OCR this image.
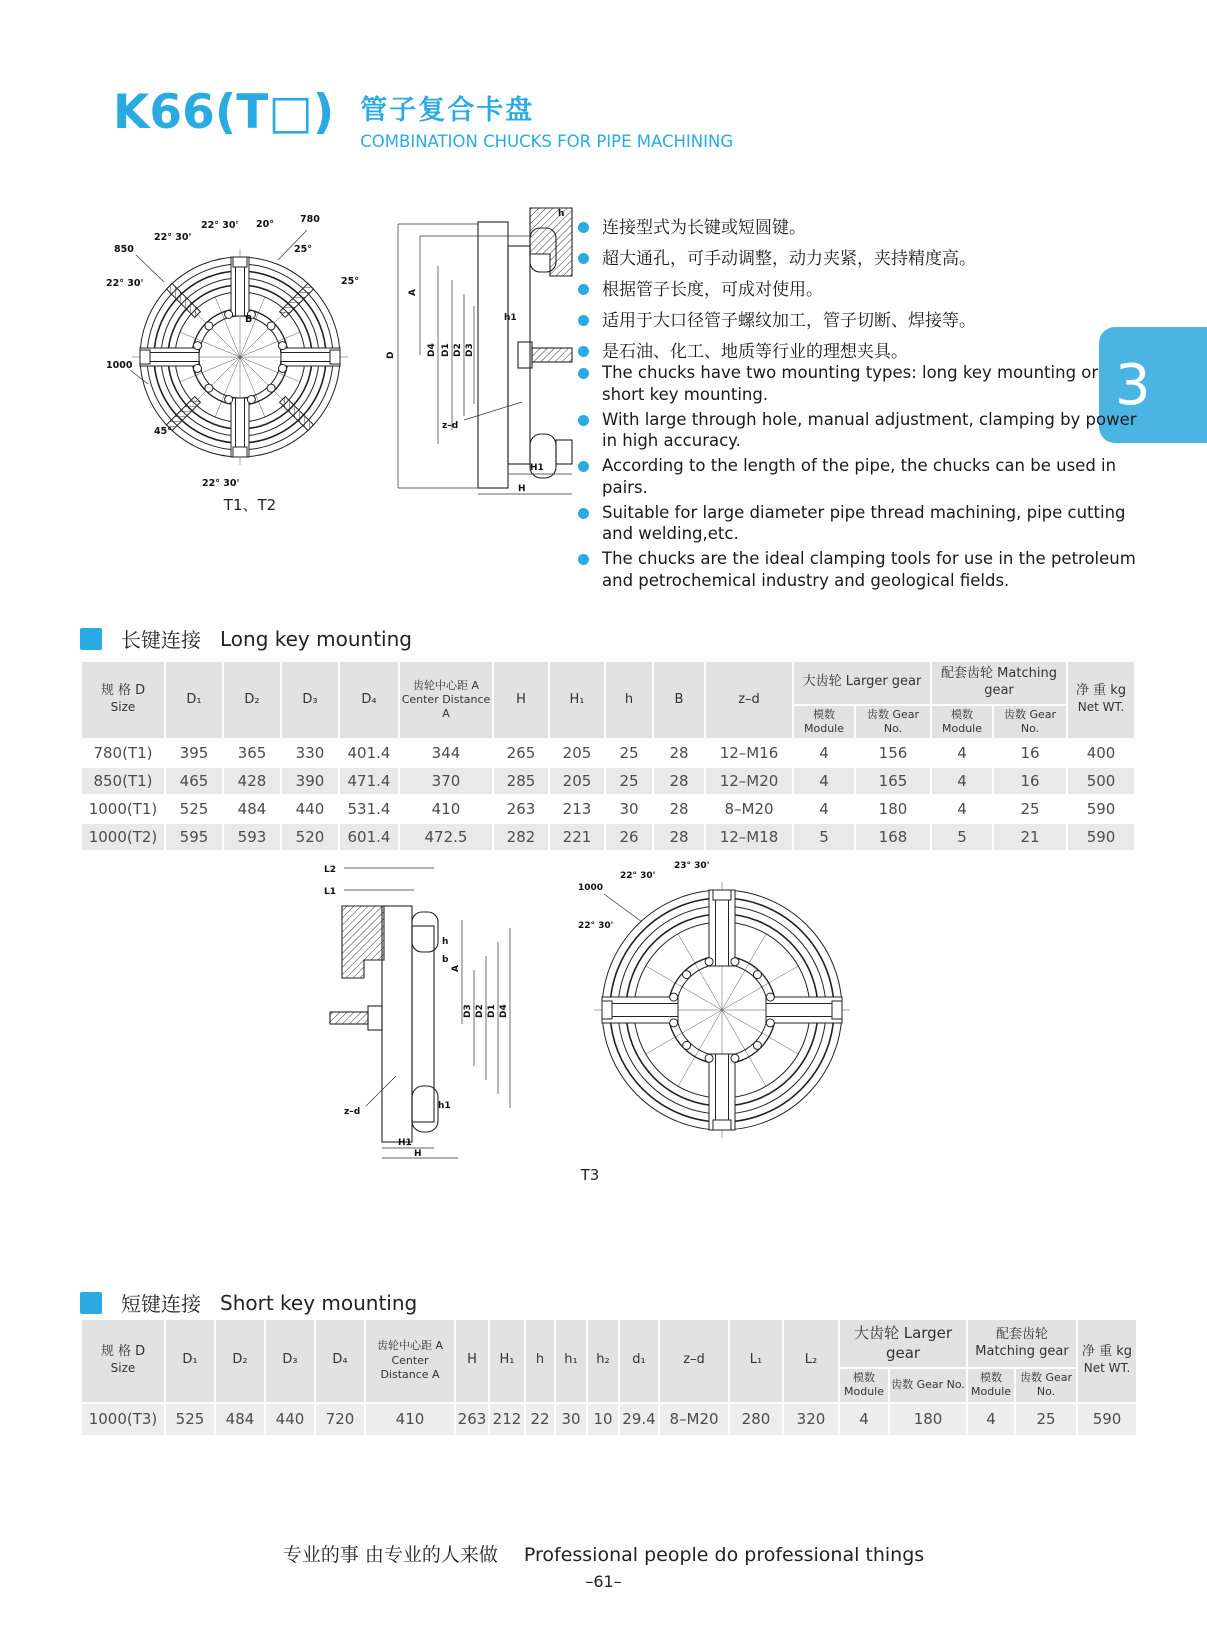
K66(T□) 管子复合卡盘
COMBINATION CHUCKS FOR PIPE MACHINING
3
850
22° 30'
22° 30' 20°	780
25°
25°
22° 30'
1000
45°
22° 30'
B
D
A
D4 D1 D2 D3
h
h1
z–d
H1
H
T1、T2
连接型式为长键或短圆键。
超大通孔，可手动调整，动力夹紧，夹持精度高。
根据管子长度，可成对使用。
适用于大口径管子螺纹加工，管子切断、焊接等。
是石油、化工、地质等行业的理想夹具。
The chucks have two mounting types: long key mounting or short key mounting.
With large through hole, manual adjustment, clamping by power in high accuracy.
According to the length of the pipe, the chucks can be used in pairs.
Suitable for large diameter pipe thread machining, pipe cutting and welding,etc.
The chucks are the ideal clamping tools for use in the petroleum and petrochemical industry and geological fields.
长键连接 Long key mounting
规 格 D
Size	D₁	D₂	D₃	D₄	齿轮中心距 A
Center Distance A	H	H₁	h	B	z–d	大齿轮 Larger gear		配套齿轮 Matching gear		净 重 kg
Net WT.
											模数 Module	齿数 Gear No.	模数 Module	齿数 Gear No.	
780(T1)	395	365	330	401.4	344	265	205	25	28	12–M16	4	156	4	16	400
850(T1)	465	428	390	471.4	370	285	205	25	28	12–M20	4	165	4	16	500
1000(T1)	525	484	440	531.4	410	263	213	30	28	8–M20	4	180	4	25	590
1000(T2)	595	593	520	601.4	472.5	282	221	26	28	12–M18	5	168	5	21	590
L2
L1
A
h
b
D3 D2 D1 D4
z–d
h1
H1
H
1000
22° 30'
23° 30'
22° 30'
T3
短键连接 Short key mounting
规 格 D
Size	D₁	D₂	D₃	D₄	齿轮中心距 A
Center Distance A	H	H₁	h	h₁	h₂	d₁	z–d	L₁	L₂	大齿轮 Larger gear		配套齿轮 Matching gear		净 重 kg
Net WT.
															模数 Module	齿数 Gear No.	模数 Module	齿数 Gear No.	
1000(T3)	525	484	440	720	410	263	212	22	30	10	29.4	8–M20	280	320	4	180	4	25	590
专业的事 由专业的人来做 Professional people do professional things
–61–
